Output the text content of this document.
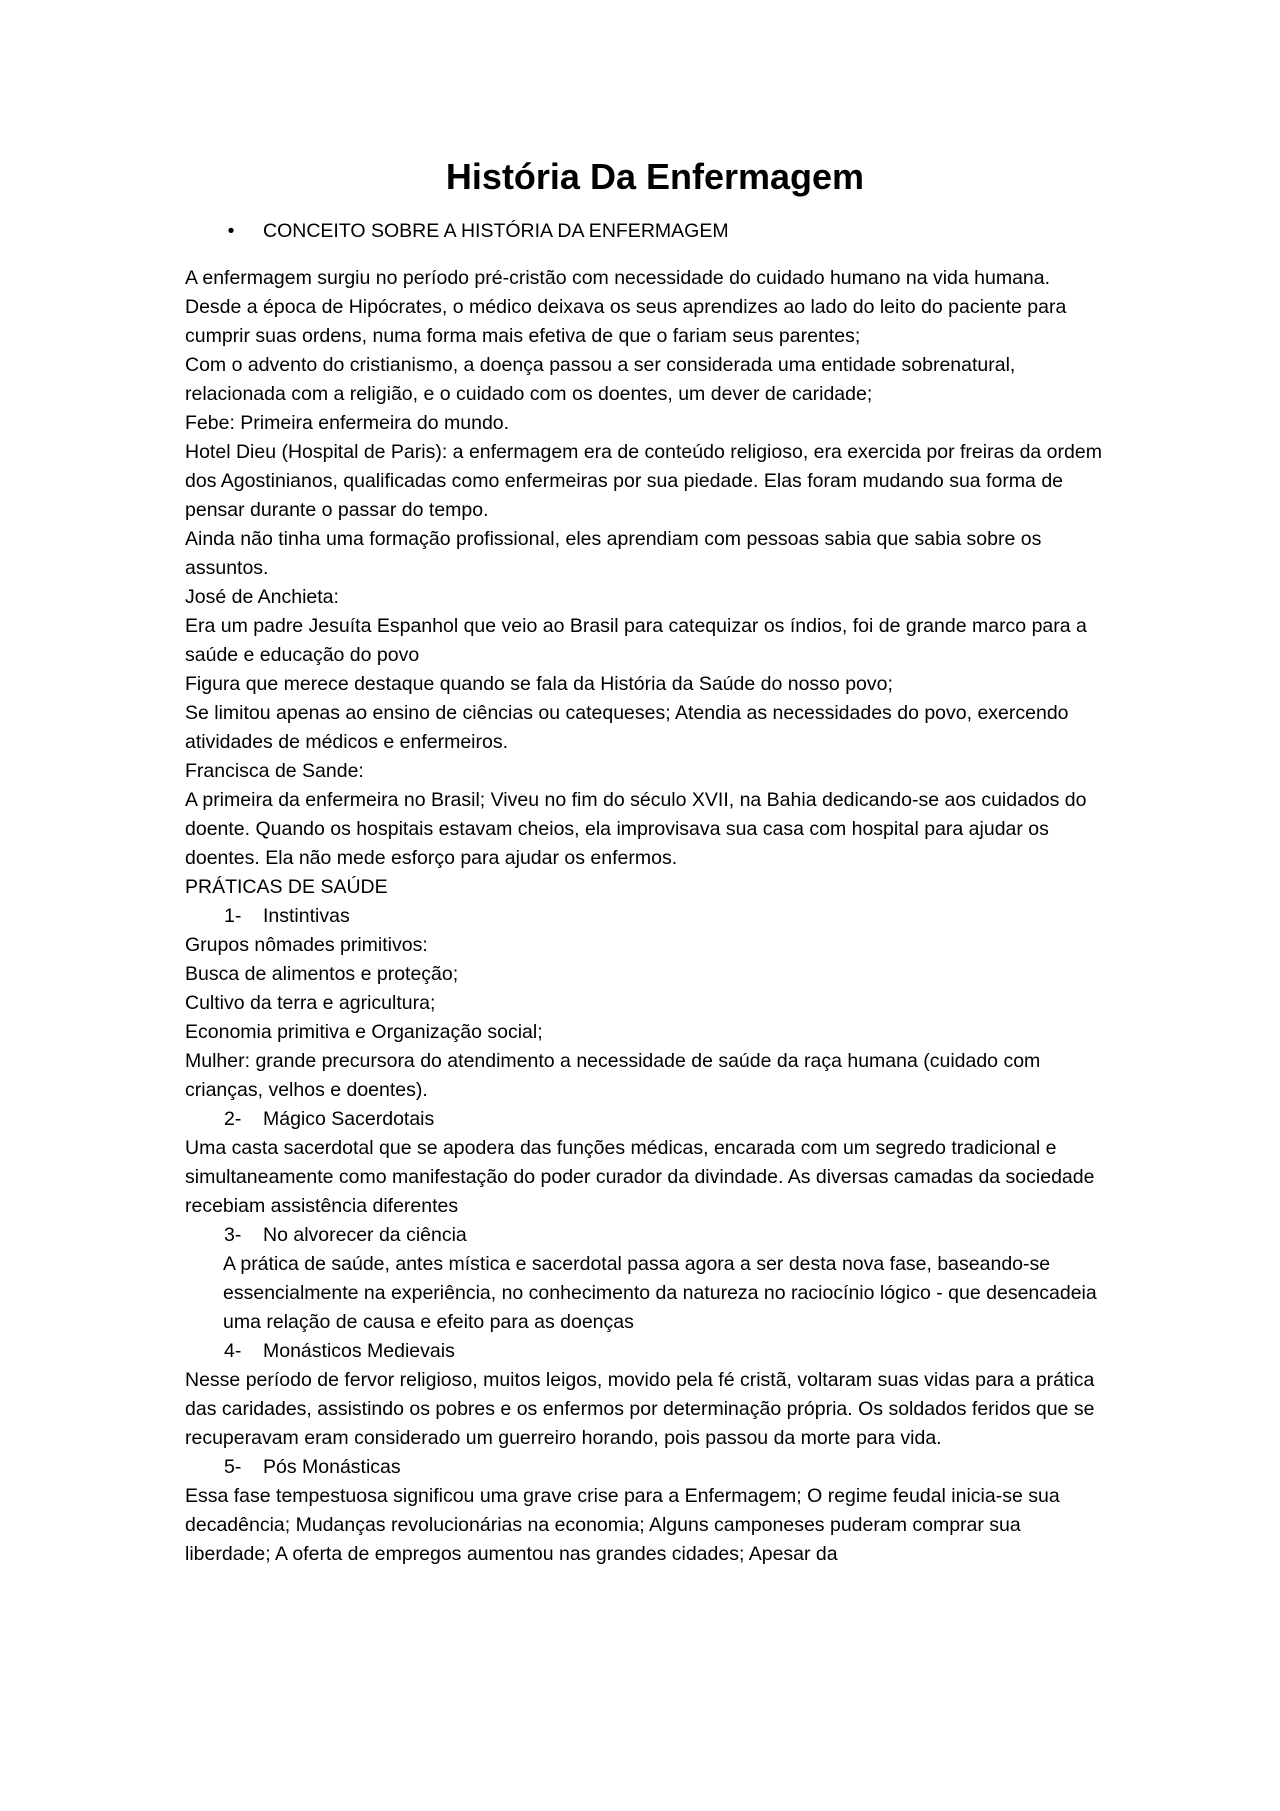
História Da Enfermagem
•	CONCEITO SOBRE A HISTÓRIA DA ENFERMAGEM

A enfermagem surgiu no período pré-cristão com necessidade do cuidado humano na vida humana. Desde a época de Hipócrates, o médico deixava os seus aprendizes ao lado do leito do paciente para cumprir suas ordens, numa forma mais efetiva de que o fariam seus parentes;

Com o advento do cristianismo, a doença passou a ser considerada uma entidade sobrenatural, relacionada com a religião, e o cuidado com os doentes, um dever de caridade;

Febe: Primeira enfermeira do mundo.

Hotel Dieu (Hospital de Paris): a enfermagem era de conteúdo religioso, era exercida por freiras da ordem dos Agostinianos, qualificadas como enfermeiras por sua piedade. Elas foram mudando sua forma de pensar durante o passar do tempo.

Ainda não tinha uma formação profissional, eles aprendiam com pessoas sabia que sabia sobre os assuntos.

José de Anchieta:

Era um padre Jesuíta Espanhol que veio ao Brasil para catequizar os índios, foi de grande marco para a saúde e educação do povo

Figura que merece destaque quando se fala da História da Saúde do nosso povo;

Se limitou apenas ao ensino de ciências ou catequeses; Atendia as necessidades do povo, exercendo atividades de médicos e enfermeiros.

Francisca de Sande:

A primeira da enfermeira no Brasil; Viveu no fim do século XVII, na Bahia dedicando-se aos cuidados do doente. Quando os hospitais estavam cheios, ela improvisava sua casa com hospital para ajudar os doentes. Ela não mede esforço para ajudar os enfermos.

PRÁTICAS DE SAÚDE

1- Instintivas

Grupos nômades primitivos:

Busca de alimentos e proteção;

Cultivo da terra e agricultura;

Economia primitiva e Organização social;

Mulher: grande precursora do atendimento a necessidade de saúde da raça humana (cuidado com crianças, velhos e doentes).

2- Mágico Sacerdotais

Uma casta sacerdotal que se apodera das funções médicas, encarada com um segredo tradicional e simultaneamente como manifestação do poder curador da divindade. As diversas camadas da sociedade recebiam assistência diferentes

3- No alvorecer da ciência

A prática de saúde, antes mística e sacerdotal passa agora a ser desta nova fase, baseando-se essencialmente na experiência, no conhecimento da natureza no raciocínio lógico - que desencadeia uma relação de causa e efeito para as doenças

4- Monásticos Medievais

Nesse período de fervor religioso, muitos leigos, movido pela fé cristã, voltaram suas vidas para a prática das caridades, assistindo os pobres e os enfermos por determinação própria. Os soldados feridos que se recuperavam eram considerado um guerreiro horando, pois passou da morte para vida.

5- Pós Monásticas

Essa fase tempestuosa significou uma grave crise para a Enfermagem; O regime feudal inicia-se sua decadência; Mudanças revolucionárias na economia; Alguns camponeses puderam comprar sua liberdade; A oferta de empregos aumentou nas grandes cidades; Apesar da
